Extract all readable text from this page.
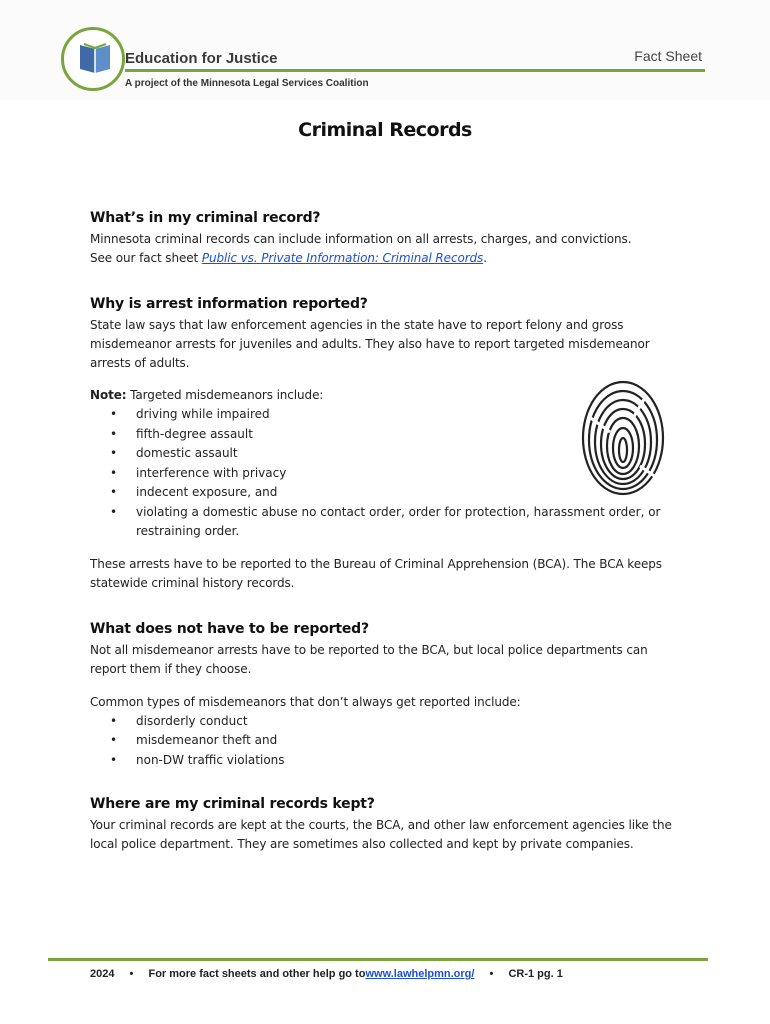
Education for Justice	Fact Sheet
A project of the Minnesota Legal Services Coalition
Criminal Records
What’s in my criminal record?

Minnesota criminal records can include information on all arrests, charges, and convictions.

See our fact sheet Public vs. Private Information: Criminal Records.

Why is arrest information reported?

State law says that law enforcement agencies in the state have to report felony and gross misdemeanor arrests for juveniles and adults. They also have to report targeted misdemeanor arrests of adults.

Note: Targeted misdemeanors include:

• driving while impaired
• fifth-degree assault
• domestic assault
• interference with privacy
• indecent exposure, and
• violating a domestic abuse no contact order, order for protection, harassment order, or restraining order.

These arrests have to be reported to the Bureau of Criminal Apprehension (BCA). The BCA keeps statewide criminal history records.

What does not have to be reported?

Not all misdemeanor arrests have to be reported to the BCA, but local police departments can report them if they choose.

Common types of misdemeanors that don’t always get reported include:

• disorderly conduct
• misdemeanor theft and
• non-DW traffic violations
Where are my criminal records kept?

Your criminal records are kept at the courts, the BCA, and other law enforcement agencies like the local police department. They are sometimes also collected and kept by private companies.

2024 • For more fact sheets and other help go towww.lawhelpmn.org/ • CR-1 pg. 1
